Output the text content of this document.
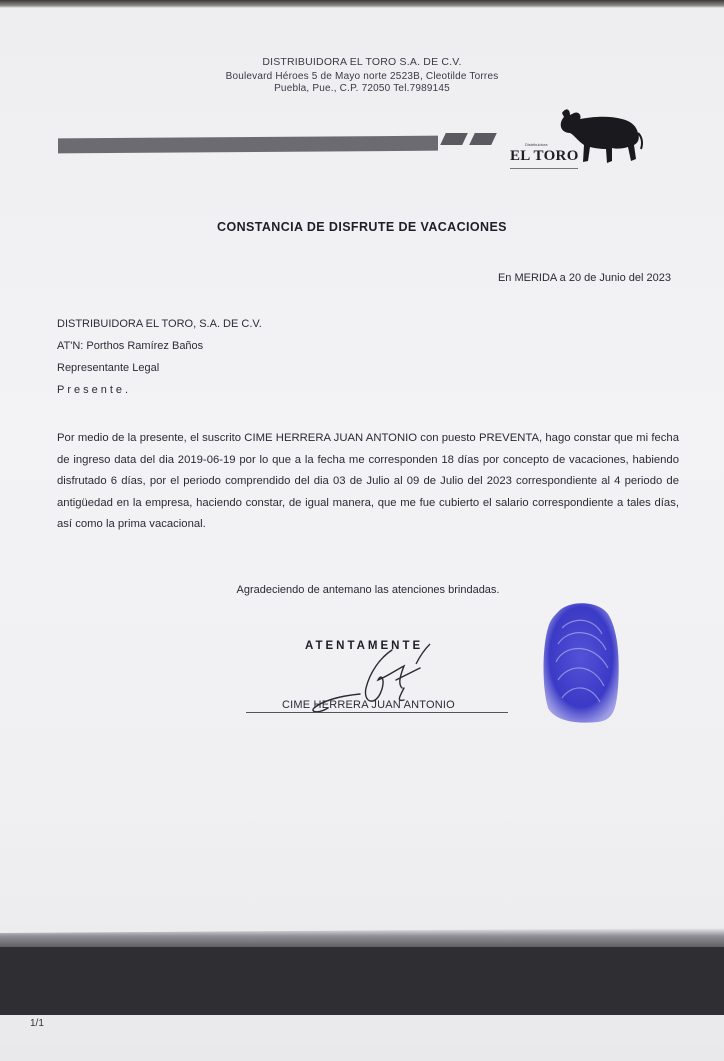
DISTRIBUIDORA EL TORO S.A. DE C.V.
Boulevard Héroes 5 de Mayo norte 2523B, Cleotilde Torres
Puebla, Pue., C.P. 72050 Tel.7989145
Distribuidora
EL TORO
CONSTANCIA DE DISFRUTE DE VACACIONES
En MERIDA a 20 de Junio del 2023
DISTRIBUIDORA EL TORO, S.A. DE C.V.
AT'N: Porthos Ramírez Baños
Representante Legal
Presente.
Por medio de la presente, el suscrito CIME HERRERA JUAN ANTONIO con puesto PREVENTA, hago constar que mi fecha de ingreso data del dia 2019-06-19 por lo que a la fecha me corresponden 18 días por concepto de vacaciones, habiendo disfrutado 6 días, por el periodo comprendido del dia 03 de Julio al 09 de Julio del 2023 correspondiente al 4 periodo de antigüedad en la empresa, haciendo constar, de igual manera, que me fue cubierto el salario correspondiente a tales días, así como la prima vacacional.
Agradeciendo de antemano las atenciones brindadas.
ATENTAMENTE
CIME HERRERA JUAN ANTONIO
1/1
